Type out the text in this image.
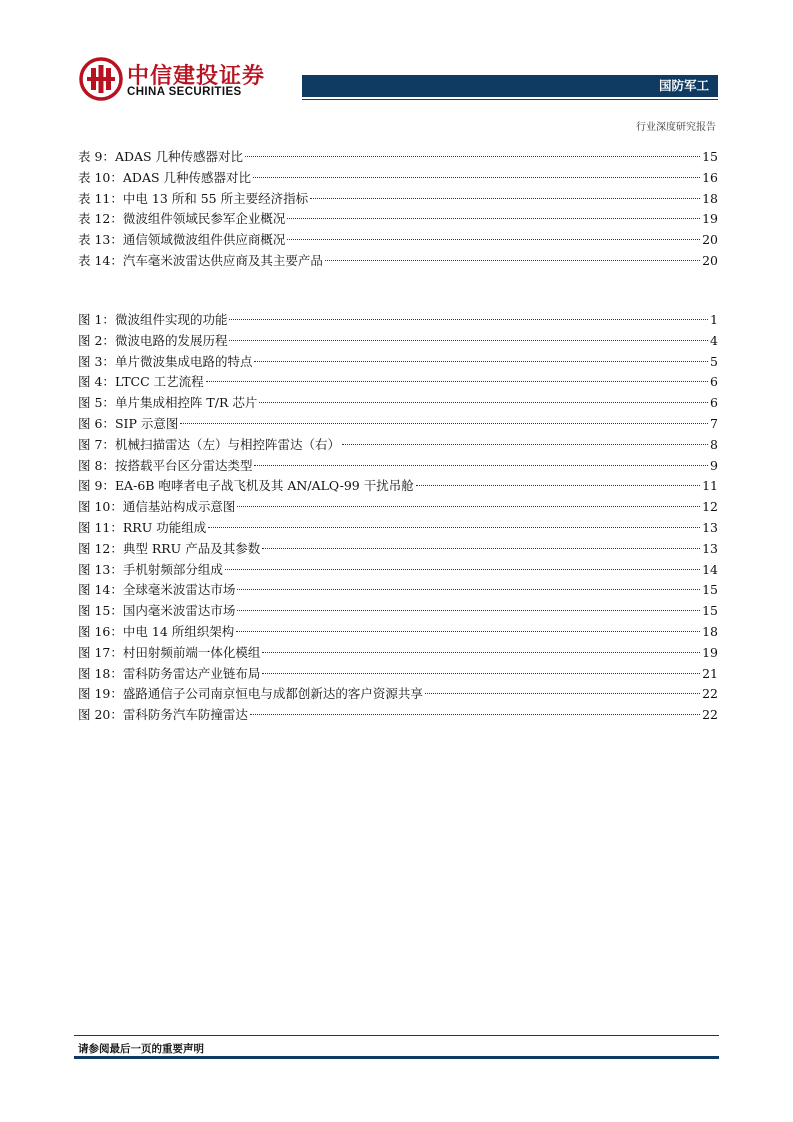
中信建投证券
CHINA SECURITIES	国防军工
行业深度研究报告
表 9： ADAS 几种传感器对比	15
表 10： ADAS 几种传感器对比	16
表 11： 中电 13 所和 55 所主要经济指标	18
表 12： 微波组件领域民参军企业概况	19
表 13： 通信领域微波组件供应商概况	20
表 14： 汽车毫米波雷达供应商及其主要产品	20
图 1： 微波组件实现的功能	1
图 2： 微波电路的发展历程	4
图 3： 单片微波集成电路的特点	5
图 4： LTCC 工艺流程	6
图 5： 单片集成相控阵 T/R 芯片	6
图 6： SIP 示意图	7
图 7： 机械扫描雷达（左）与相控阵雷达（右）	8
图 8： 按搭载平台区分雷达类型	9
图 9： EA-6B 咆哮者电子战飞机及其 AN/ALQ-99 干扰吊舱	11
图 10： 通信基站构成示意图	12
图 11： RRU 功能组成	13
图 12： 典型 RRU 产品及其参数	13
图 13： 手机射频部分组成	14
图 14： 全球毫米波雷达市场	15
图 15： 国内毫米波雷达市场	15
图 16： 中电 14 所组织架构	18
图 17： 村田射频前端一体化模组	19
图 18： 雷科防务雷达产业链布局	21
图 19： 盛路通信子公司南京恒电与成都创新达的客户资源共享	22
图 20： 雷科防务汽车防撞雷达	22
请参阅最后一页的重要声明
